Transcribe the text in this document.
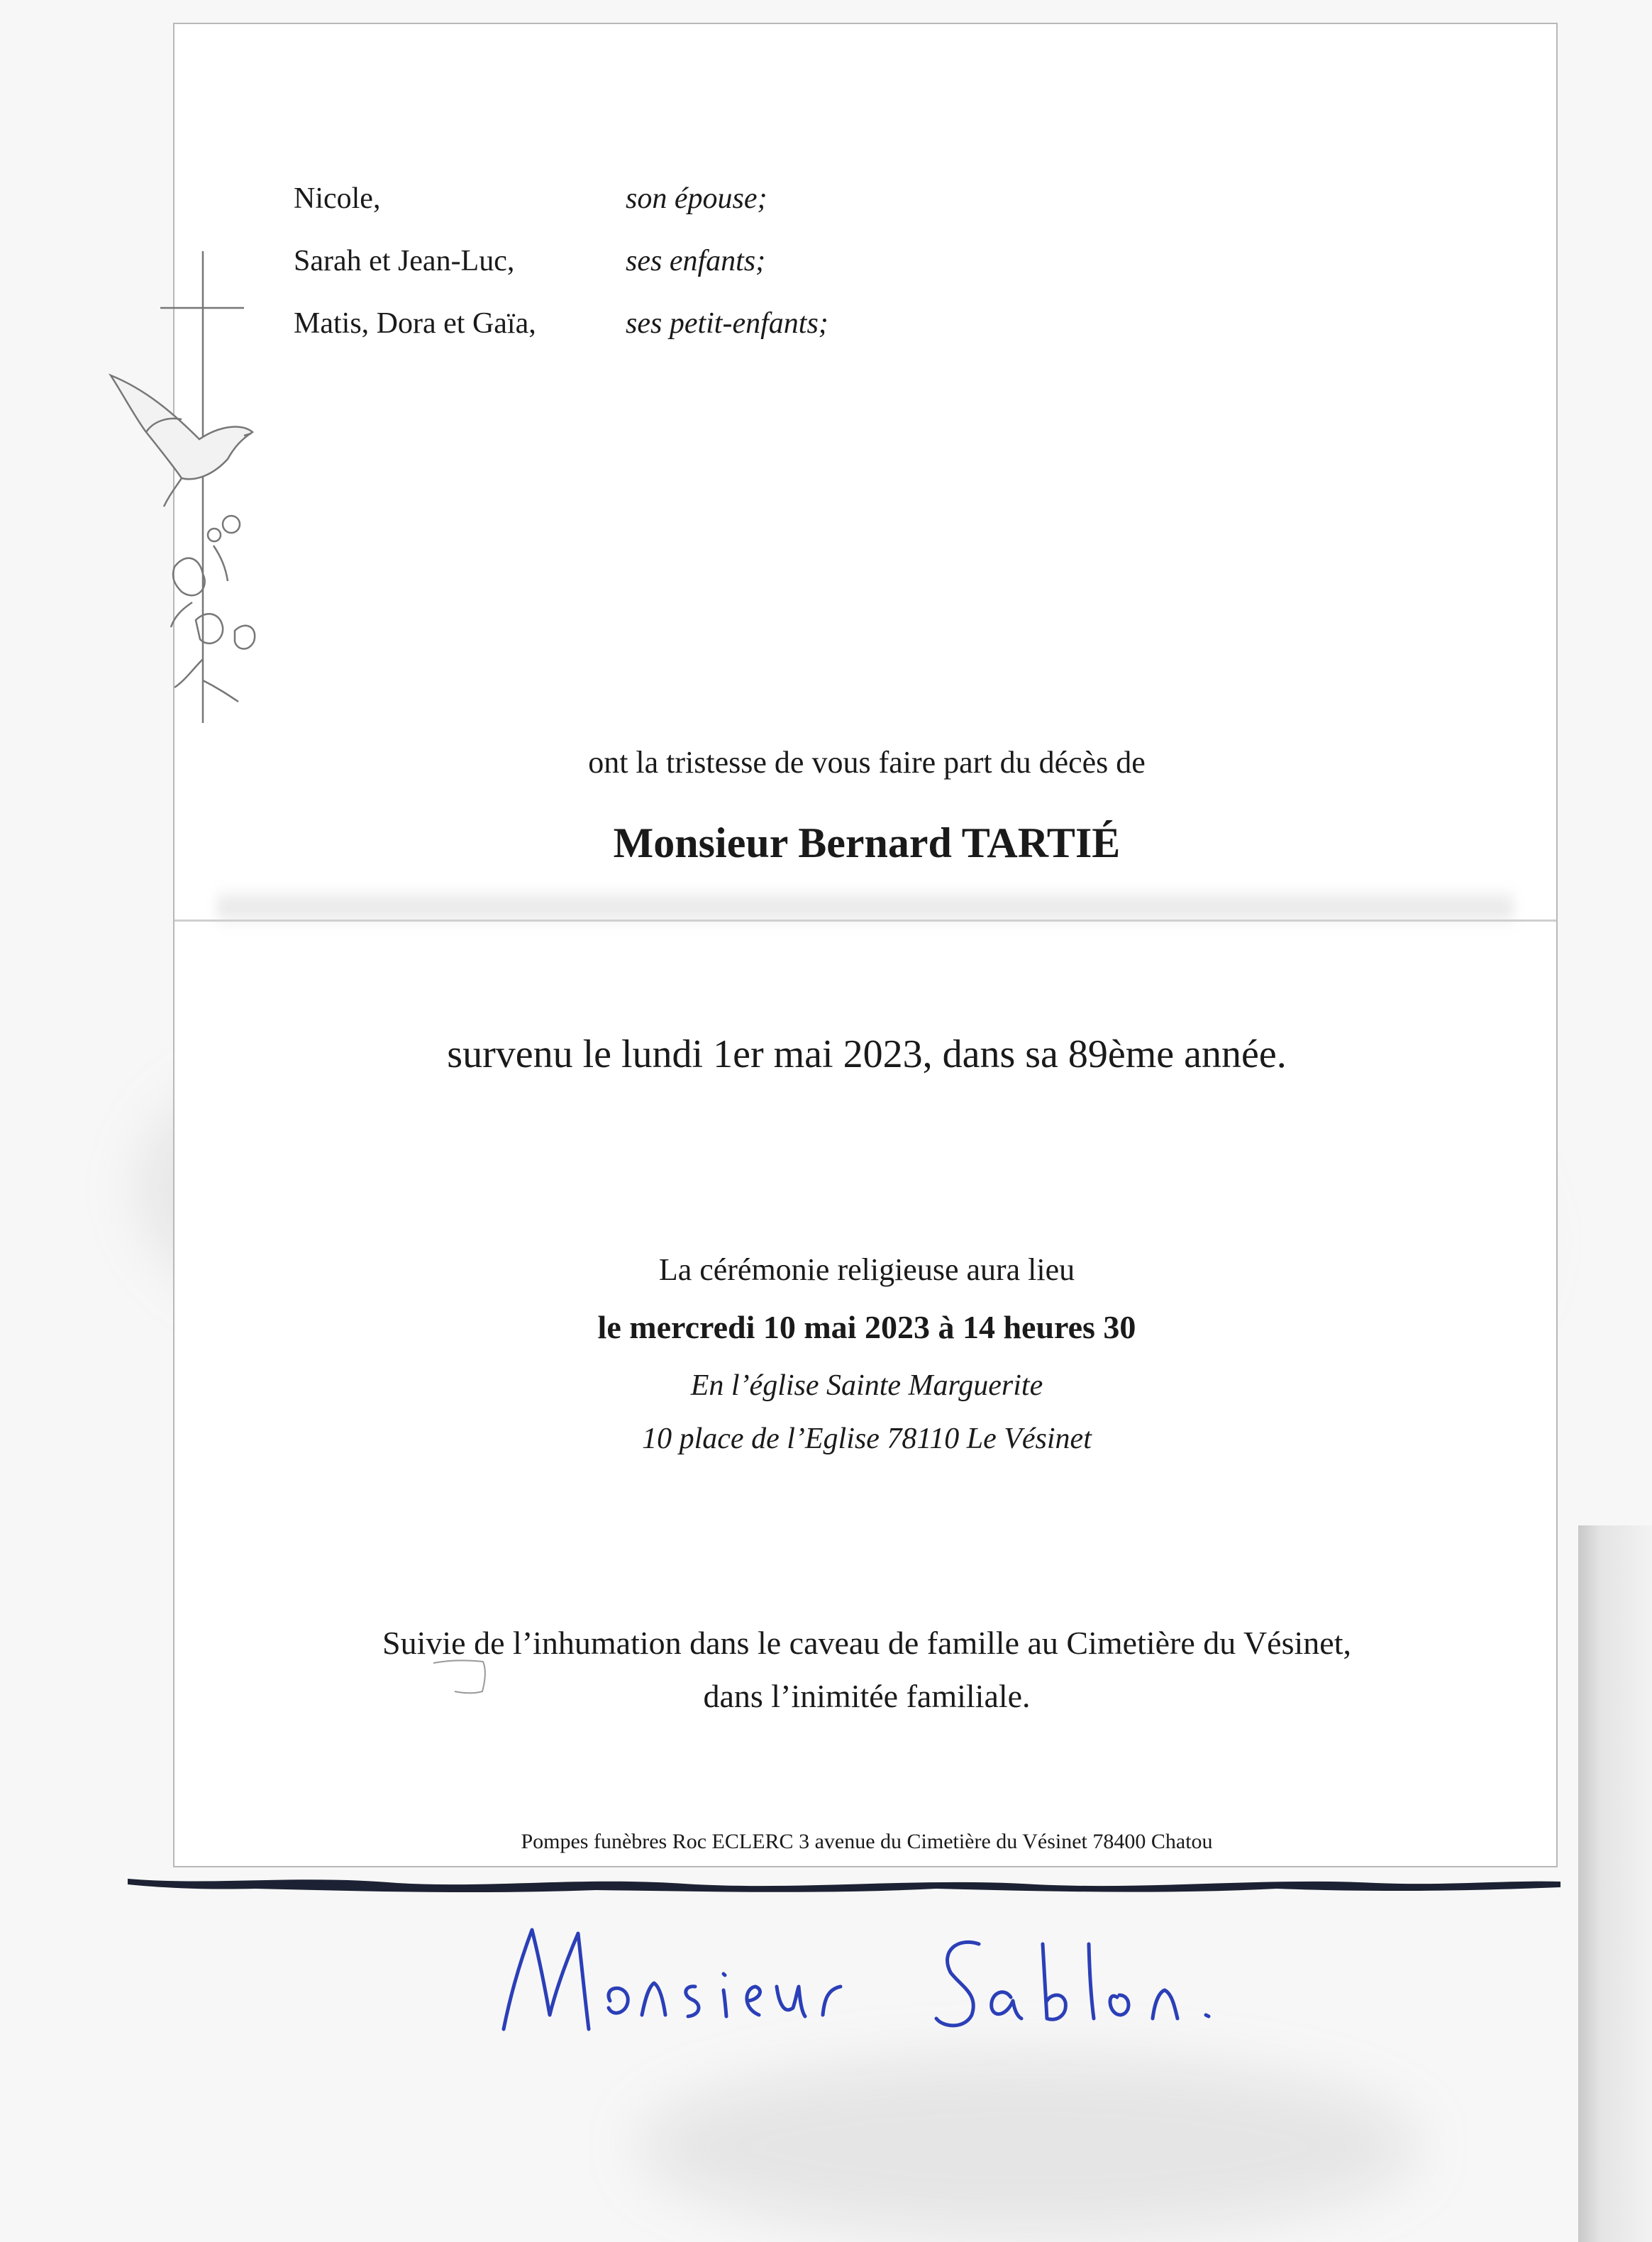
Nicole,	son épouse;
Sarah et Jean-Luc,	ses enfants;
Matis, Dora et Gaïa,	ses petit-enfants;
ont la tristesse de vous faire part du décès de
Monsieur Bernard TARTIÉ
survenu le lundi 1er mai 2023, dans sa 89ème année.
La cérémonie religieuse aura lieu
le mercredi 10 mai 2023 à 14 heures 30
En l’église Sainte Marguerite
10 place de l’Eglise 78110 Le Vésinet
Suivie de l’inhumation dans le caveau de famille au Cimetière du Vésinet,
dans l’inimitée familiale.
Pompes funèbres Roc ECLERC 3 avenue du Cimetière du Vésinet 78400 Chatou
